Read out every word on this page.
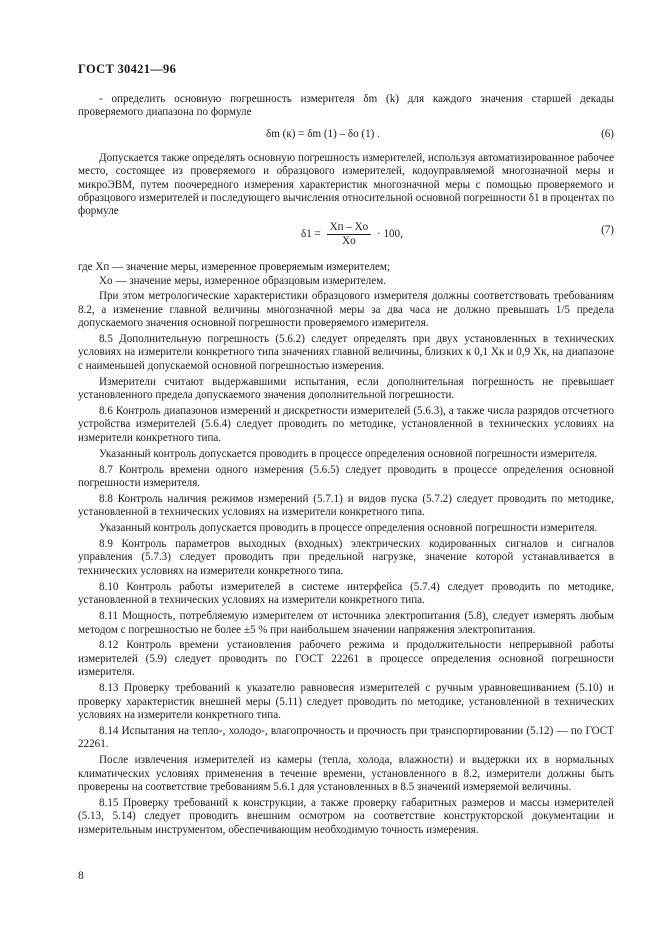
ГОСТ 30421—96

- определить основную погрешность измерителя δm (k) для каждого значения старшей декады проверяемого диапазона по формуле

δm (к) = δm (1) – δо (1) .	(6)

Допускается также определять основную погрешность измерителей, используя автоматизированное рабочее место, состоящее из проверяемого и образцового измерителей, кодоуправляемой многозначной меры и микроЭВМ, путем поочередного измерения характеристик многозначной меры с помощью проверяемого и образцового измерителей и последующего вычисления относительной основной погрешности δ1 в процентах по формуле

$\delta 1 = \frac{Xп - Xо}{Xо} \cdot 100$,	(7)
где Xп — значение меры, измеренное проверяемым измерителем;
Xо — значение меры, измеренное образцовым измерителем.

При этом метрологические характеристики образцового измерителя должны соответствовать требованиям 8.2, а изменение главной величины многозначной меры за два часа не должно превышать 1/5 предела допускаемого значения основной погрешности проверяемого измерителя.

8.5 Дополнительную погрешность (5.6.2) следует определять при двух установленных в технических условиях на измерители конкретного типа значениях главной величины, близких к 0,1 Хк и 0,9 Хк, на диапазоне с наименьшей допускаемой основной погрешностью измерения.

Измерители считают выдержавшими испытания, если дополнительная погрешность не превышает установленного предела допускаемого значения дополнительной погрешности.

8.6 Контроль диапазонов измерений и дискретности измерителей (5.6.3), а также числа разрядов отсчетного устройства измерителей (5.6.4) следует проводить по методике, установленной в технических условиях на измерители конкретного типа.

Указанный контроль допускается проводить в процессе определения основной погрешности измерителя.

8.7 Контроль времени одного измерения (5.6.5) следует проводить в процессе определения основной погрешности измерителя.

8.8 Контроль наличия режимов измерений (5.7.1) и видов пуска (5.7.2) следует проводить по методике, установленной в технических условиях на измерители конкретного типа.

Указанный контроль допускается проводить в процессе определения основной погрешности измерителя.

8.9 Контроль параметров выходных (входных) электрических кодированных сигналов и сигналов управления (5.7.3) следует проводить при предельной нагрузке, значение которой устанавливается в технических условиях на измерители конкретного типа.

8.10 Контроль работы измерителей в системе интерфейса (5.7.4) следует проводить по методике, установленной в технических условиях на измерители конкретного типа.

8.11 Мощность, потребляемую измерителем от источника электропитания (5.8), следует измерять любым методом с погрешностью не более ±5 % при наибольшем значении напряжения электропитания.

8.12 Контроль времени установления рабочего режима и продолжительности непрерывной работы измерителей (5.9) следует проводить по ГОСТ 22261 в процессе определения основной погрешности измерителя.

8.13 Проверку требований к указателю равновесия измерителей с ручным уравновешиванием (5.10) и проверку характеристик внешней меры (5.11) следует проводить по методике, установленной в технических условиях на измерители конкретного типа.

8.14 Испытания на тепло-, холодо-, влагопрочность и прочность при транспортировании (5.12) — по ГОСТ 22261.

После извлечения измерителей из камеры (тепла, холода, влажности) и выдержки их в нормальных климатических условиях применения в течение времени, установленного в 8.2, измерители должны быть проверены на соответствие требованиям 5.6.1 для установленных в 8.5 значений измеряемой величины.

8.15 Проверку требований к конструкции, а также проверку габаритных размеров и массы измерителей (5.13, 5.14) следует проводить внешним осмотром на соответствие конструкторской документации и измерительным инструментом, обеспечивающим необходимую точность измерения.

8
